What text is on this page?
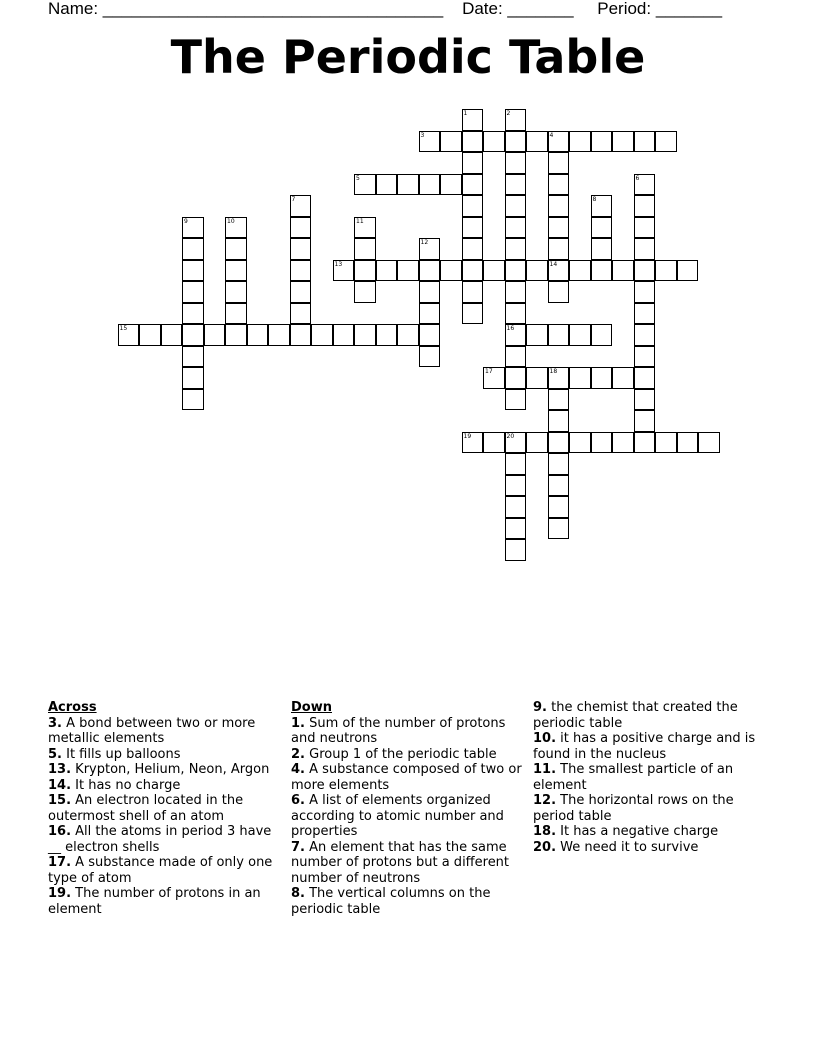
Name: ____________________________________ Date: _______ Period: _______
The Periodic Table
1	2
3	4
5	6
7	8
9	10	11
12
13	14
15	16
17	18
19	20
Across
3. A bond between two or more metallic elements
5. It fills up balloons
13. Krypton, Helium, Neon, Argon
14. It has no charge
15. An electron located in the outermost shell of an atom
16. All the atoms in period 3 have __ electron shells
17. A substance made of only one type of atom
19. The number of protons in an element
Down
1. Sum of the number of protons and neutrons
2. Group 1 of the periodic table
4. A substance composed of two or more elements
6. A list of elements organized according to atomic number and properties
7. An element that has the same number of protons but a different number of neutrons
8. The vertical columns on the periodic table
9. the chemist that created the periodic table
10. it has a positive charge and is found in the nucleus
11. The smallest particle of an element
12. The horizontal rows on the period table
18. It has a negative charge
20. We need it to survive
